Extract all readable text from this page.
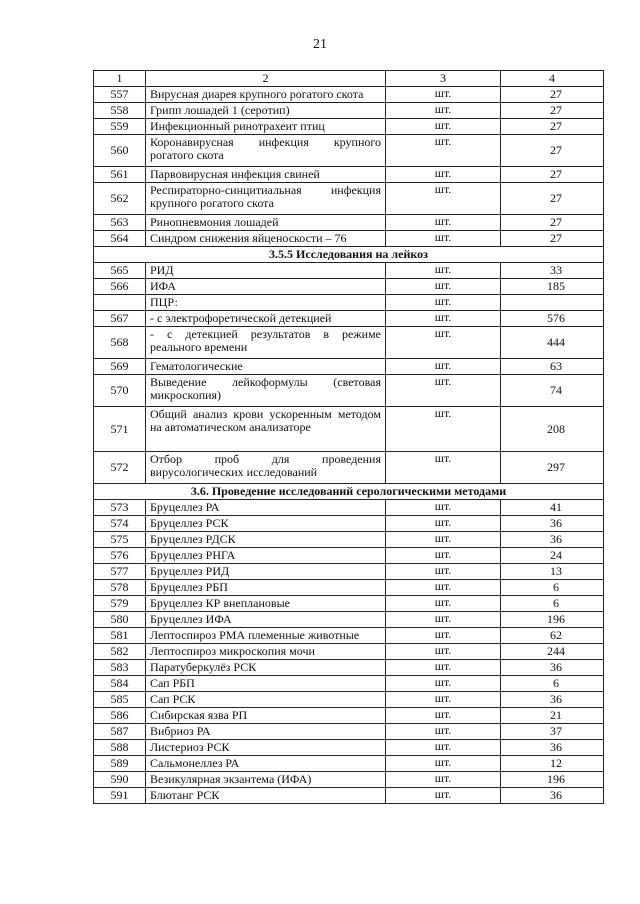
21
1	2	3	4
557	Вирусная диарея крупного рогатого скота	шт.	27
558	Грипп лошадей 1 (серотип)	шт.	27
559	Инфекционный ринотрахеит птиц	шт.	27
560	Коронавирусная инфекция крупного рогатого скота	шт.	27
561	Парвовирусная инфекция свиней	шт.	27
562	Респираторно-синцитиальная инфекция крупного рогатого скота	шт.	27
563	Ринопневмония лошадей	шт.	27
564	Синдром снижения яйценоскости – 76	шт.	27
3.5.5 Исследования на лейкоз			
565	РИД	шт.	33
566	ИФА	шт.	185
	ПЦР:	шт.	
567	- с электрофоретической детекцией	шт.	576
568	- с детекцией результатов в режиме реального времени	шт.	444
569	Гематологические	шт.	63
570	Выведение лейкоформулы (световая микроскопия)	шт.	74
571	Общий анализ крови ускоренным методом на автоматическом анализаторе	шт.	208
572	Отбор проб для проведения вирусологических исследований	шт.	297
3.6. Проведение исследований серологическими методами			
573	Бруцеллез РА	шт.	41
574	Бруцеллез РСК	шт.	36
575	Бруцеллез РДСК	шт.	36
576	Бруцеллез РНГА	шт.	24
577	Бруцеллез РИД	шт.	13
578	Бруцеллез РБП	шт.	6
579	Бруцеллез КР внеплановые	шт.	6
580	Бруцеллез ИФА	шт.	196
581	Лептоспироз РМА племенные животные	шт.	62
582	Лептоспироз микроскопия мочи	шт.	244
583	Паратуберкулёз РСК	шт.	36
584	Сап РБП	шт.	6
585	Сап РСК	шт.	36
586	Сибирская язва РП	шт.	21
587	Вибриоз РА	шт.	37
588	Листериоз РСК	шт.	36
589	Сальмонеллез РА	шт.	12
590	Везикулярная экзантема (ИФА)	шт.	196
591	Блютанг РСК	шт.	36
